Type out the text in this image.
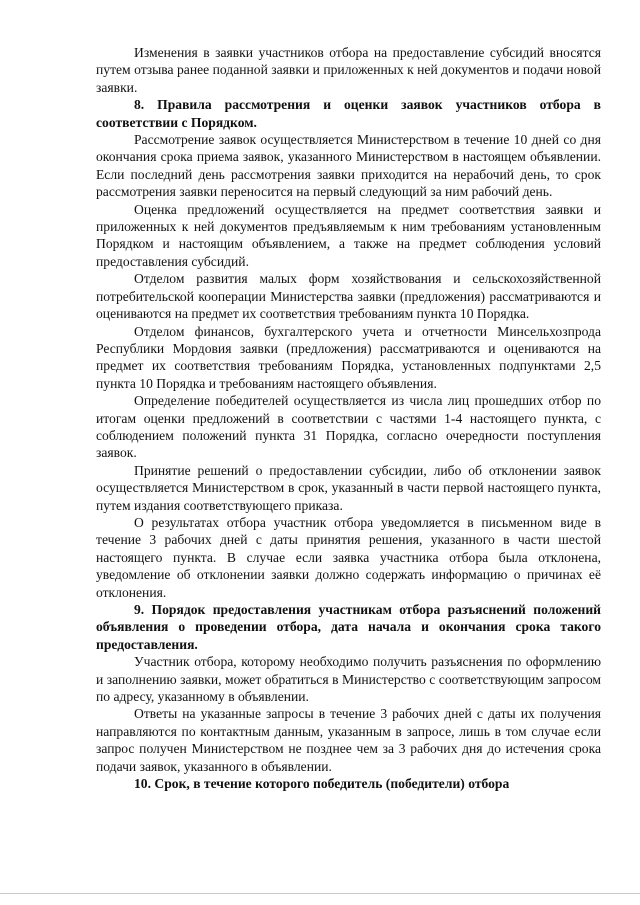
Изменения в заявки участников отбора на предоставление субсидий вносятся путем отзыва ранее поданной заявки и приложенных к ней документов и подачи новой заявки.

8. Правила рассмотрения и оценки заявок участников отбора в соответствии с Порядком.

Рассмотрение заявок осуществляется Министерством в течение 10 дней со дня окончания срока приема заявок, указанного Министерством в настоящем объявлении. Если последний день рассмотрения заявки приходится на нерабочий день, то срок рассмотрения заявки переносится на первый следующий за ним рабочий день.

Оценка предложений осуществляется на предмет соответствия заявки и приложенных к ней документов предъявляемым к ним требованиям установленным Порядком и настоящим объявлением, а также на предмет соблюдения условий предоставления субсидий.

Отделом развития малых форм хозяйствования и сельскохозяйственной потребительской кооперации Министерства заявки (предложения) рассматриваются и оцениваются на предмет их соответствия требованиям пункта 10 Порядка.

Отделом финансов, бухгалтерского учета и отчетности Минсельхозпрода Республики Мордовия заявки (предложения) рассматриваются и оцениваются на предмет их соответствия требованиям Порядка, установленных подпунктами 2,5 пункта 10 Порядка и требованиям настоящего объявления.

Определение победителей осуществляется из числа лиц прошедших отбор по итогам оценки предложений в соответствии с частями 1-4 настоящего пункта, с соблюдением положений пункта 31 Порядка, согласно очередности поступления заявок.

Принятие решений о предоставлении субсидии, либо об отклонении заявок осуществляется Министерством в срок, указанный в части первой настоящего пункта, путем издания соответствующего приказа.

О результатах отбора участник отбора уведомляется в письменном виде в течение 3 рабочих дней с даты принятия решения, указанного в части шестой настоящего пункта. В случае если заявка участника отбора была отклонена, уведомление об отклонении заявки должно содержать информацию о причинах её отклонения.

9. Порядок предоставления участникам отбора разъяснений положений объявления о проведении отбора, дата начала и окончания срока такого предоставления.

Участник отбора, которому необходимо получить разъяснения по оформлению и заполнению заявки, может обратиться в Министерство с соответствующим запросом по адресу, указанному в объявлении.

Ответы на указанные запросы в течение 3 рабочих дней с даты их получения направляются по контактным данным, указанным в запросе, лишь в том случае если запрос получен Министерством не позднее чем за 3 рабочих дня до истечения срока подачи заявок, указанного в объявлении.

10. Срок, в течение которого победитель (победители) отбора
